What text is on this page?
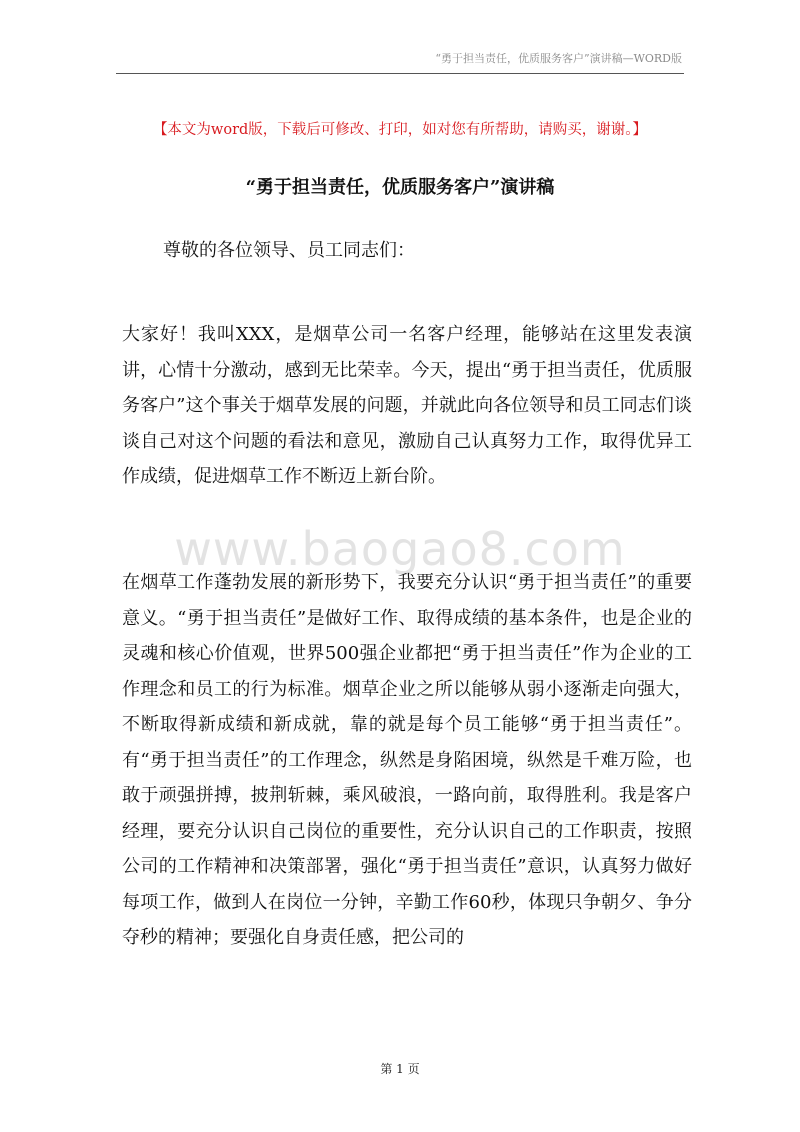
“勇于担当责任，优质服务客户”演讲稿—WORD版
【本文为word版，下载后可修改、打印，如对您有所帮助，请购买，谢谢。】
“勇于担当责任，优质服务客户”演讲稿
尊敬的各位领导、员工同志们：

大家好！我叫XXX，是烟草公司一名客户经理，能够站在这里发表演讲，心情十分激动，感到无比荣幸。今天，提出“勇于担当责任，优质服务客户”这个事关于烟草发展的问题，并就此向各位领导和员工同志们谈谈自己对这个问题的看法和意见，激励自己认真努力工作，取得优异工作成绩，促进烟草工作不断迈上新台阶。

www.baogao8.com

在烟草工作蓬勃发展的新形势下，我要充分认识“勇于担当责任”的重要意义。“勇于担当责任”是做好工作、取得成绩的基本条件，也是企业的灵魂和核心价值观，世界500强企业都把“勇于担当责任”作为企业的工作理念和员工的行为标准。烟草企业之所以能够从弱小逐渐走向强大，不断取得新成绩和新成就，靠的就是每个员工能够“勇于担当责任”。有“勇于担当责任”的工作理念，纵然是身陷困境，纵然是千难万险，也敢于顽强拼搏，披荆斩棘，乘风破浪，一路向前，取得胜利。我是客户经理，要充分认识自己岗位的重要性，充分认识自己的工作职责，按照公司的工作精神和决策部署，强化“勇于担当责任”意识，认真努力做好每项工作，做到人在岗位一分钟，辛勤工作60秒，体现只争朝夕、争分夺秒的精神；要强化自身责任感，把公司的

第 1 页
